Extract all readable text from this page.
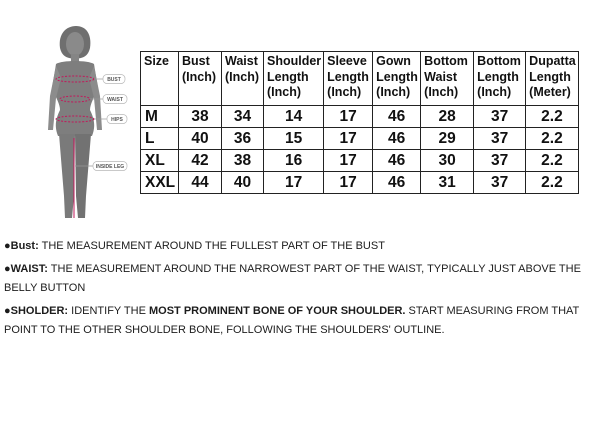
BUST
WAIST
HIPS
INSIDE LEG
Size	Bust (Inch)	Waist (Inch)	Shoulder Length (Inch)	Sleeve Length (Inch)	Gown Length (Inch)	Bottom Waist (Inch)	Bottom Length (Inch)	Dupatta Length (Meter)
M	38	34	14	17	46	28	37	2.2
L	40	36	15	17	46	29	37	2.2
XL	42	38	16	17	46	30	37	2.2
XXL	44	40	17	17	46	31	37	2.2

●Bust: THE MEASUREMENT AROUND THE FULLEST PART OF THE BUST

●WAIST: THE MEASUREMENT AROUND THE NARROWEST PART OF THE WAIST, TYPICALLY JUST ABOVE THE BELLY BUTTON

●SHOLDER: IDENTIFY THE MOST PROMINENT BONE OF YOUR SHOULDER. START MEASURING FROM THAT POINT TO THE OTHER SHOULDER BONE, FOLLOWING THE SHOULDERS' OUTLINE.
